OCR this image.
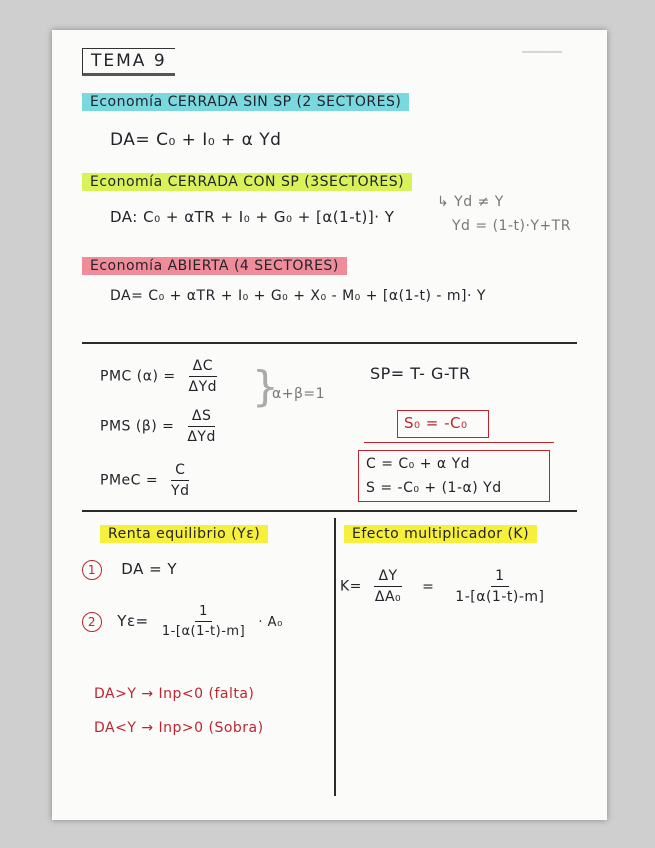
TEMA 9	▔▔▔▔
Economía CERRADA SIN SP (2 SECTORES)
DA= C₀ + I₀ + α Yd
Economía CERRADA CON SP (3SECTORES)
DA: C₀ + αTR + I₀ + G₀ + [α(1-t)]· Y
↳ Yd ≠ Y
Yd = (1-t)·Y+TR
Economía ABIERTA (4 SECTORES)
DA= C₀ + αTR + I₀ + G₀ + X₀ - M₀ + [α(1-t) - m]· Y
PMC $(\alpha) = \frac{\Delta C}{\text{ΔYd}}$
PMS $(\beta) = \frac{\Delta S}{\text{ΔYd}}$
}
α+β=1
PMeC = $\frac{C}{Yd}$
SP= T- G-TR
S₀ = -C₀
C = C₀ + α Yd
S = -C₀ + (1-α) Yd
Renta equilibrio (Yε)
1 DA = Y
2 $Y\varepsilon= \frac{1}{1-[\alpha(1-t)-m]} \cdot A_0$
DA>Y → Inp<0 (falta)
DA<Y → Inp>0 (Sobra)
Efecto multiplicador (K)
$K= \frac{\Delta Y}{\text{ΔA₀}} = \frac{1}{1-[\alpha(1-t)-m]}$
